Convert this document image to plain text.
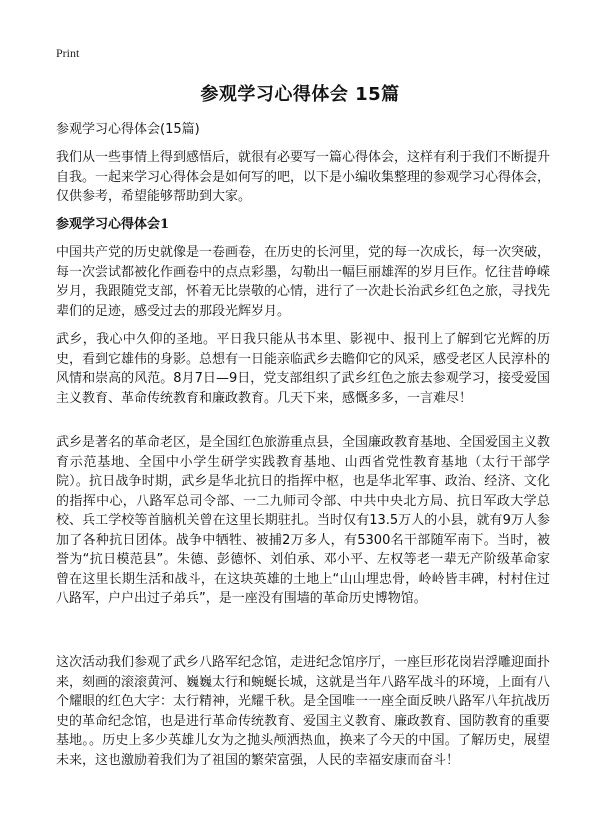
Print
参观学习心得体会 15篇
参观学习心得体会(15篇)

我们从一些事情上得到感悟后，就很有必要写一篇心得体会，这样有利于我们不断提升自我。一起来学习心得体会是如何写的吧，以下是小编收集整理的参观学习心得体会，仅供参考，希望能够帮助到大家。

参观学习心得体会1

中国共产党的历史就像是一卷画卷，在历史的长河里，党的每一次成长，每一次突破，每一次尝试都被化作画卷中的点点彩墨，勾勒出一幅巨丽雄浑的岁月巨作。忆往昔峥嵘岁月，我跟随党支部，怀着无比崇敬的心情，进行了一次赴长治武乡红色之旅，寻找先辈们的足迹，感受过去的那段光辉岁月。

武乡，我心中久仰的圣地。平日我只能从书本里、影视中、报刊上了解到它光辉的历史，看到它雄伟的身影。总想有一日能亲临武乡去瞻仰它的风采，感受老区人民淳朴的风情和崇高的风范。8月7日—9日，党支部组织了武乡红色之旅去参观学习，接受爱国主义教育、革命传统教育和廉政教育。几天下来，感慨多多，一言难尽！

武乡是著名的革命老区，是全国红色旅游重点县，全国廉政教育基地、全国爱国主义教育示范基地、全国中小学生研学实践教育基地、山西省党性教育基地（太行干部学院）。抗日战争时期，武乡是华北抗日的指挥中枢，也是华北军事、政治、经济、文化的指挥中心，八路军总司令部、一二九师司令部、中共中央北方局、抗日军政大学总校、兵工学校等首脑机关曾在这里长期驻扎。当时仅有13.5万人的小县，就有9万人参加了各种抗日团体。战争中牺牲、被捕2万多人，有5300名干部随军南下。当时，被誉为“抗日模范县”。朱德、彭德怀、刘伯承、邓小平、左权等老一辈无产阶级革命家曾在这里长期生活和战斗，在这块英雄的土地上“山山埋忠骨，岭岭皆丰碑，村村住过八路军，户户出过子弟兵”，是一座没有围墙的革命历史博物馆。

这次活动我们参观了武乡八路军纪念馆，走进纪念馆序厅，一座巨形花岗岩浮雕迎面扑来，刻画的滚滚黄河、巍巍太行和蜿蜒长城，这就是当年八路军战斗的环境，上面有八个耀眼的红色大字：太行精神，光耀千秋。是全国唯一一座全面反映八路军八年抗战历史的革命纪念馆，也是进行革命传统教育、爱国主义教育、廉政教育、国防教育的重要基地。。历史上多少英雄儿女为之抛头颅洒热血，换来了今天的中国。了解历史，展望未来，这也激励着我们为了祖国的繁荣富强，人民的幸福安康而奋斗！
